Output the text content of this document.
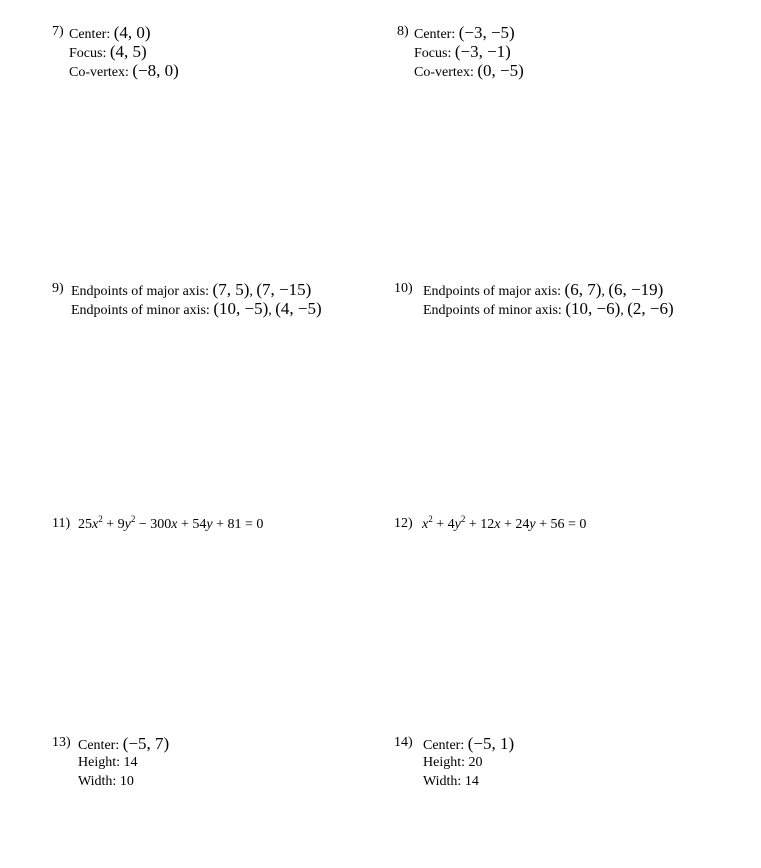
7) Center: (4, 0)
Focus: (4, 5)
Co-vertex: (−8, 0)
8) Center: (−3, −5)
Focus: (−3, −1)
Co-vertex: (0, −5)
9) Endpoints of major axis: (7, 5), (7, −15)
Endpoints of minor axis: (10, −5), (4, −5)
10) Endpoints of major axis: (6, 7), (6, −19)
Endpoints of minor axis: (10, −6), (2, −6)
11) $25x^2 + 9y^2 - 300x + 54y + 81 = 0$	12) $x^2 + 4y^2 + 12x + 24y + 56 = 0$
13) Center: (−5, 7)
Height: 14
Width: 10
14) Center: (−5, 1)
Height: 20
Width: 14
